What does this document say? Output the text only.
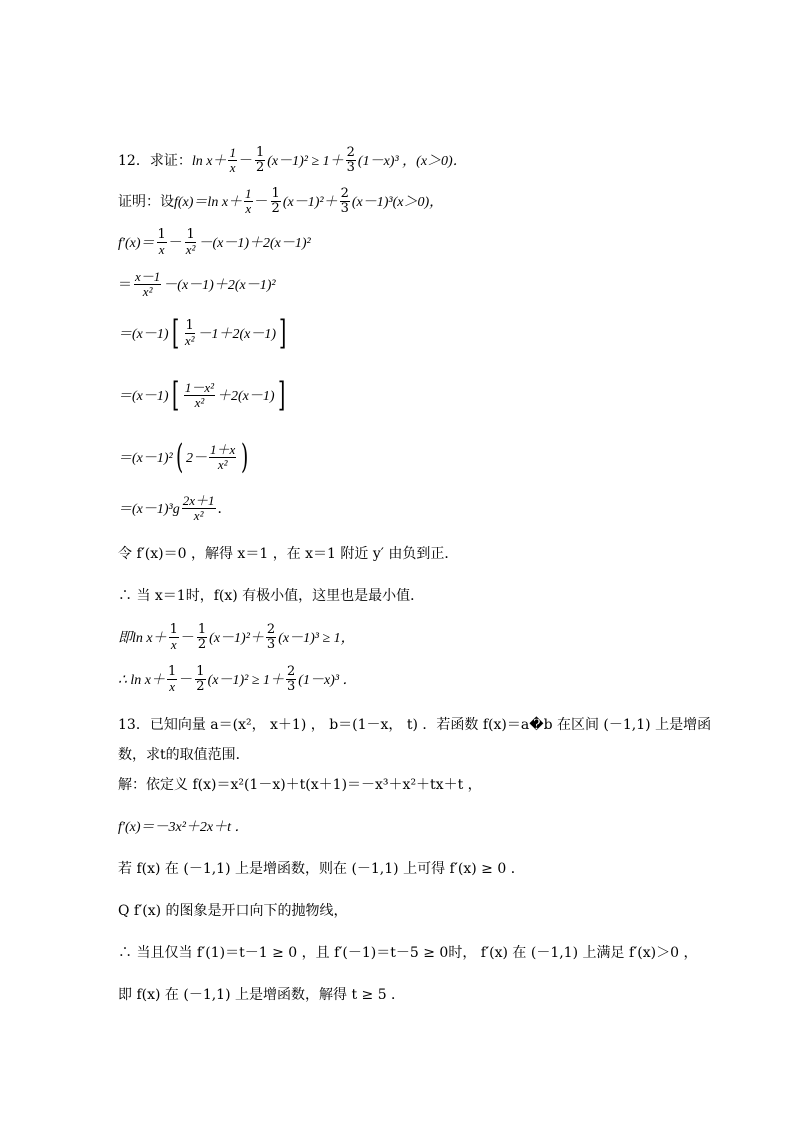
12．求证： $\ln x+ \frac{1}{x} - \frac{1}{2} (x-1)^2 \ge 1+ \frac{2}{3} (1-x)^3$ ，(x＞0)．
证明：设 f(x)＝ln $x+ \frac{1}{x} - \frac{1}{2} (x-1)^2+ \frac{2}{3} (x-1)^3(x>0)$，
$f'(x)= \frac{1}{x} - \frac{1}{\text{x²}} -(x-1)+2(x-1)^2$
＝ $\frac{x-1}{\text{x²}} -(x-1)+2(x-1)^2$
＝(x－1) [ $\frac{1}{\text{x²}} -1+2(x-1)$ ]
＝(x－1) [ $\frac{\text{1－x²}}{\text{x²}} +2(x-1)$ ]
＝(x－1)² ( $2- \frac{1+x}{\text{x²}}$ )
$=(x-1)^3g \frac{2x+1}{\text{x²}}$ ．
令 f′(x)＝0 ，解得 x＝1 ，在 x＝1 附近 y′ 由负到正．
∴ 当 x＝1时，f(x) 有极小值，这里也是最小值．
即$\ln x+ \frac{1}{x} - \frac{1}{2} (x-1)^2+ \frac{2}{3} (x-1)^3 \ge 1$，
∴ $\ln x+ \frac{1}{x} - \frac{1}{2} (x-1)^2 \ge 1+ \frac{2}{3} (1-x)^3$ ．
13．已知向量 a＝(x²， x＋1) ， b＝(1－x， t) ．若函数 f(x)＝a�b 在区间 (－1,1) 上是增函
数，求t的取值范围．
解：依定义 f(x)＝x²(1－x)＋t(x＋1)＝－x³＋x²＋tx＋t ，
f′(x)＝－3x²＋2x＋t ．
若 f(x) 在 (－1,1) 上是增函数，则在 (－1,1) 上可得 f′(x) ≥ 0 ．
Q f′(x) 的图象是开口向下的抛物线，
∴ 当且仅当 f′(1)＝t－1 ≥ 0 ，且 f′(－1)＝t－5 ≥ 0时， f′(x) 在 (－1,1) 上满足 f′(x)＞0 ，
即 f(x) 在 (－1,1) 上是增函数，解得 t ≥ 5 ．
